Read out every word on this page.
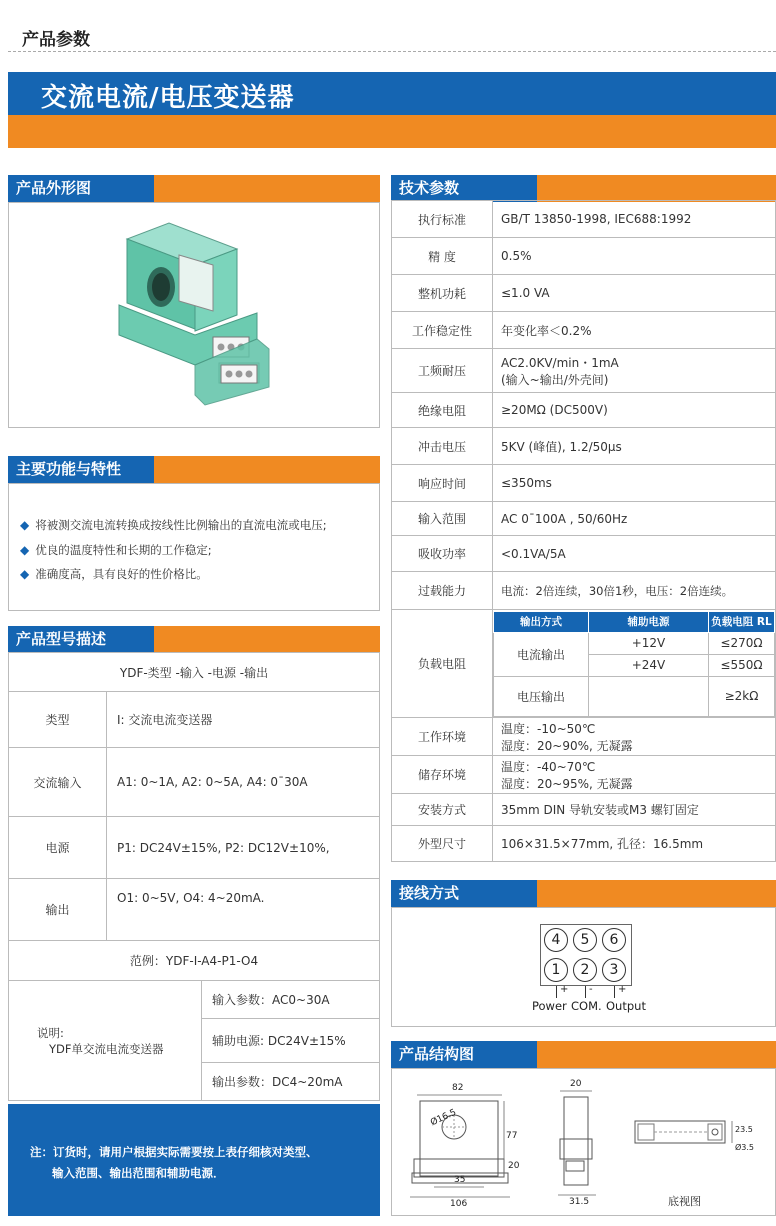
产品参数
交流电流/电压变送器
产品外形图
主要功能与特性
◆ 将被测交流电流转换成按线性比例输出的直流电流或电压;
◆ 优良的温度特性和长期的工作稳定;
◆ 准确度高，具有良好的性价格比。
产品型号描述
YDF-类型 -输入 -电源 -输出		
类型	I: 交流电流变送器	
交流输入	A1: 0~1A, A2: 0~5A, A4: 0¯30A	
电源	P1: DC24V±15%, P2: DC12V±10%,	
输出	O1: 0~5V, O4: 4~20mA.	
范例：YDF-I-A4-P1-O4		

说明:
YDF单交流电流变送器		输入参数：AC0~30A
		辅助电源: DC24V±15%
		输出参数：DC4~20mA
注：订货时，请用户根据实际需要按上表仔细核对类型、
输入范围、输出范围和辅助电源．
技术参数
执行标准	GB/T 13850-1998, IEC688:1992
精 度	0.5%
整机功耗	≤1.0 VA
工作稳定性	年变化率＜0.2%
工频耐压	
AC2.0KV/min・1mA
(输入~输出/外壳间)

绝缘电阻	≥20MΩ (DC500V)
冲击电压	5KV (峰值), 1.2/50μs
响应时间	≤350ms
输入范围	AC 0¯100A , 50/60Hz
吸收功率	<0.1VA/5A
过载能力	电流：2倍连续，30倍1秒，电压：2倍连续。
负载电阻	
输出方式	辅助电源	负载电阻 RL
电流输出	+12V	≤270Ω
+24V	≤550Ω
电压输出		≥2kΩ

工作环境	
温度：-10~50℃
湿度：20~90%, 无凝露

储存环境	
温度：-40~70℃
湿度：20~95%, 无凝露

安装方式	35mm DIN 导轨安装或M3 螺钉固定
外型尺寸	106×31.5×77mm, 孔径：16.5mm
接线方式
4	5	6
1	2	3
+ -	+
Power COM. Output
产品结构图
82
Ø16.5
77
20
35
106
20
31.5
23.5
Ø3.5
底视图
